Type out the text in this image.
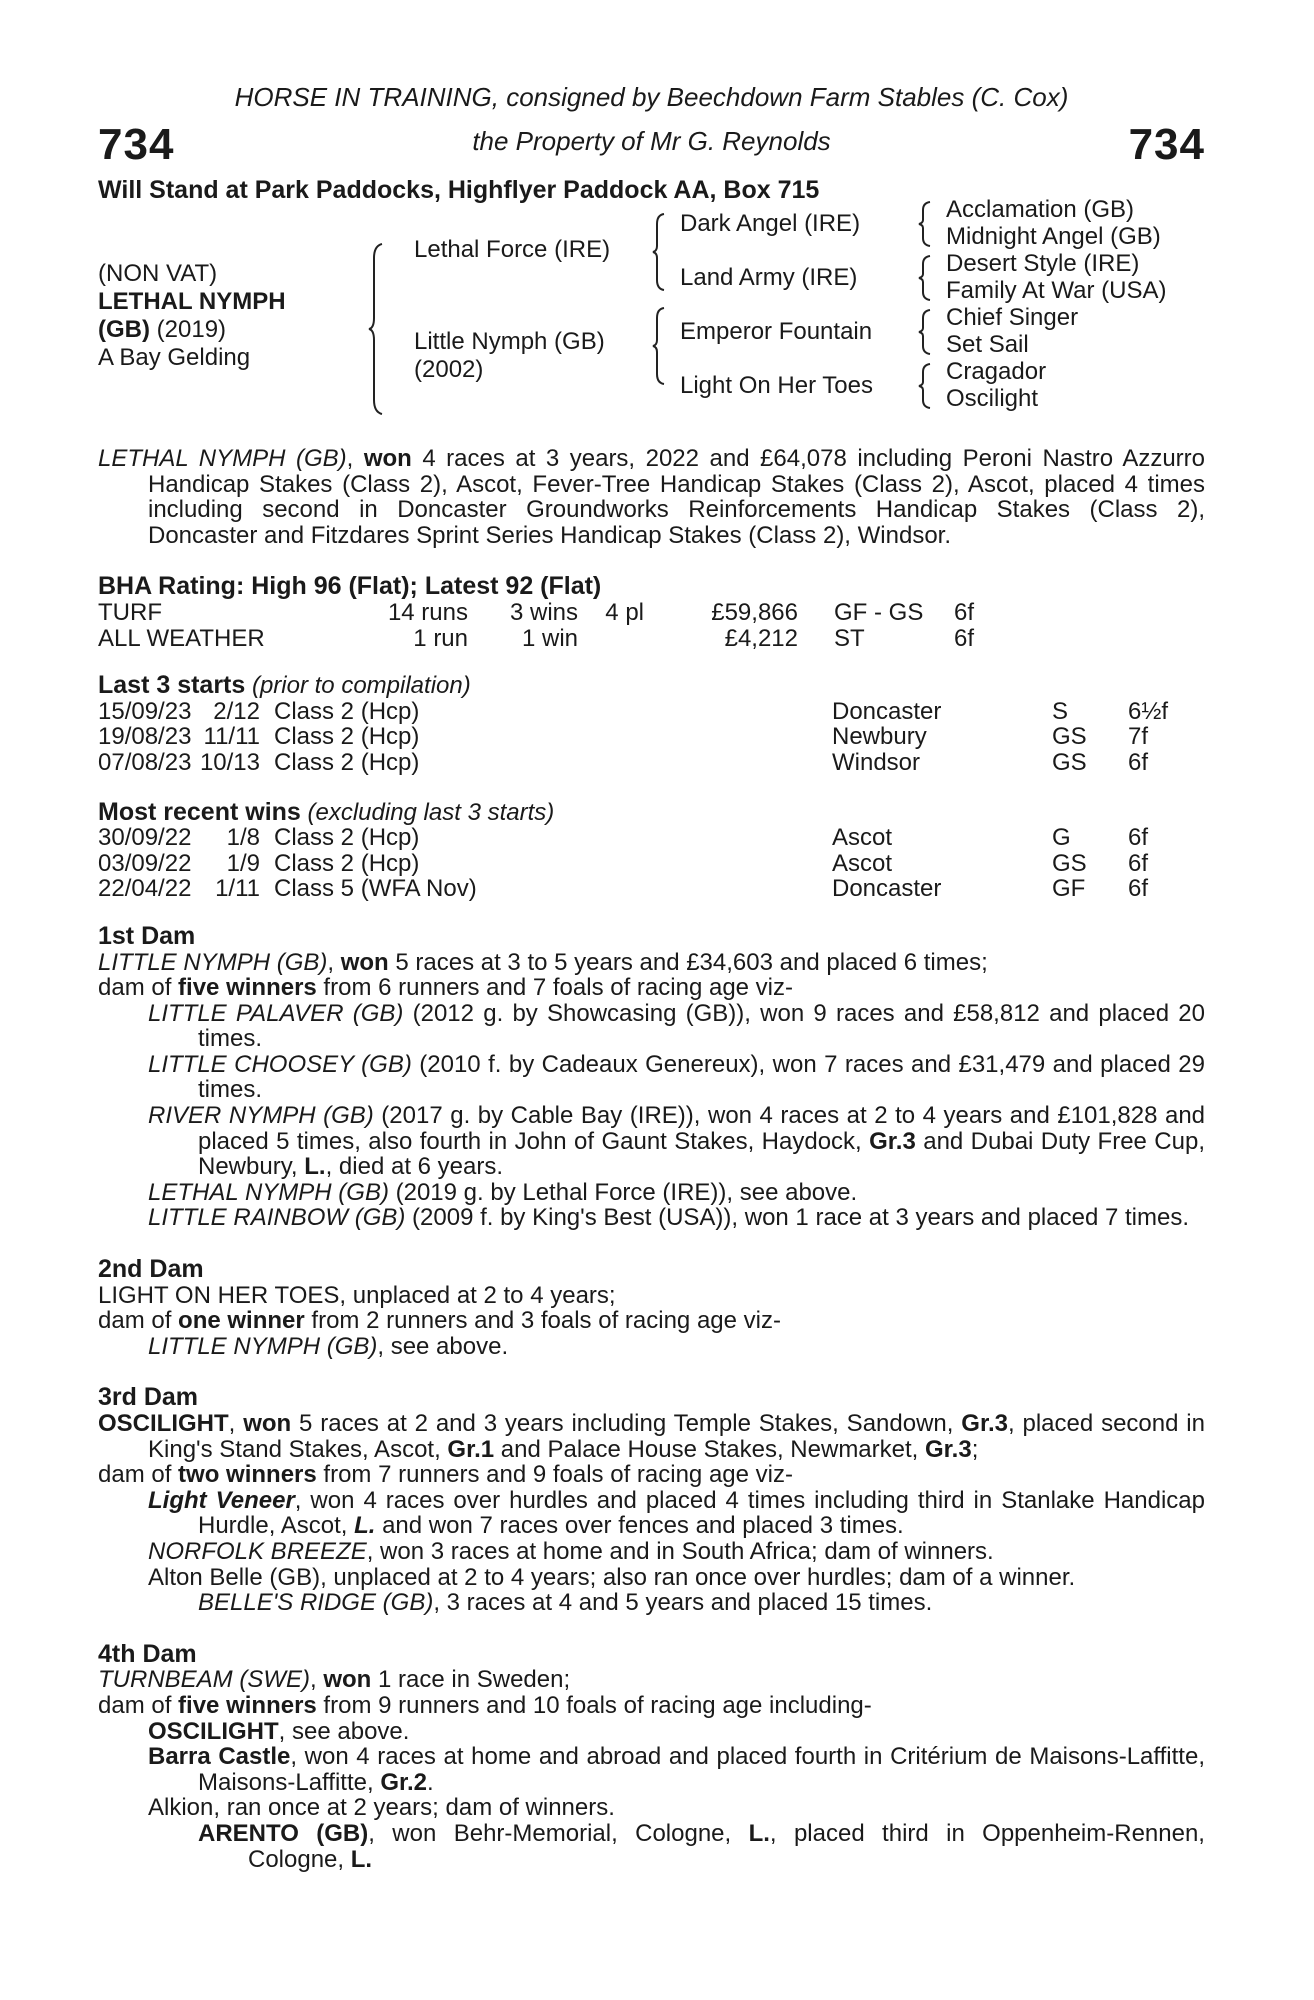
734	734
HORSE IN TRAINING, consigned by Beechdown Farm Stables (C. Cox)
the Property of Mr G. Reynolds
Will Stand at Park Paddocks, Highflyer Paddock AA, Box 715
(NON VAT)
LETHAL NYMPH
(GB) (2019)
A Bay Gelding
Lethal Force (IRE)
Little Nymph (GB)
(2002)
Dark Angel (IRE)
Land Army (IRE)
Emperor Fountain
Light On Her Toes
Acclamation (GB)
Midnight Angel (GB)
Desert Style (IRE)
Family At War (USA)
Chief Singer
Set Sail
Cragador
Oscilight

LETHAL NYMPH (GB), won 4 races at 3 years, 2022 and £64,078 including Peroni Nastro Azzurro Handicap Stakes (Class 2), Ascot, Fever-Tree Handicap Stakes (Class 2), Ascot, placed 4 times including second in Doncaster Groundworks Reinforcements Handicap Stakes (Class 2), Doncaster and Fitzdares Sprint Series Handicap Stakes (Class 2), Windsor.

BHA Rating: High 96 (Flat); Latest 92 (Flat)
TURF	14 runs	3 wins	4 pl	£59,866	GF - GS	6f
ALL WEATHER	1 run	1 win		£4,212	ST	6f
Last 3 starts (prior to compilation)
15/09/23	2/12	Class 2 (Hcp)	Doncaster	S	6½f
19/08/23	11/11	Class 2 (Hcp)	Newbury	GS	7f
07/08/23	10/13	Class 2 (Hcp)	Windsor	GS	6f
Most recent wins (excluding last 3 starts)
30/09/22	1/8	Class 2 (Hcp)	Ascot	G	6f
03/09/22	1/9	Class 2 (Hcp)	Ascot	GS	6f
22/04/22	1/11	Class 5 (WFA Nov)	Doncaster	GF	6f
1st Dam
LITTLE NYMPH (GB), won 5 races at 3 to 5 years and £34,603 and placed 6 times;
dam of five winners from 6 runners and 7 foals of racing age viz-

LITTLE PALAVER (GB) (2012 g. by Showcasing (GB)), won 9 races and £58,812 and placed 20 times.

LITTLE CHOOSEY (GB) (2010 f. by Cadeaux Genereux), won 7 races and £31,479 and placed 29 times.

RIVER NYMPH (GB) (2017 g. by Cable Bay (IRE)), won 4 races at 2 to 4 years and £101,828 and placed 5 times, also fourth in John of Gaunt Stakes, Haydock, Gr.3 and Dubai Duty Free Cup, Newbury, L., died at 6 years.

LETHAL NYMPH (GB) (2019 g. by Lethal Force (IRE)), see above.

LITTLE RAINBOW (GB) (2009 f. by King's Best (USA)), won 1 race at 3 years and placed 7 times.

2nd Dam
LIGHT ON HER TOES, unplaced at 2 to 4 years;
dam of one winner from 2 runners and 3 foals of racing age viz-

LITTLE NYMPH (GB), see above.

3rd Dam

OSCILIGHT, won 5 races at 2 and 3 years including Temple Stakes, Sandown, Gr.3, placed second in King's Stand Stakes, Ascot, Gr.1 and Palace House Stakes, Newmarket, Gr.3;

dam of two winners from 7 runners and 9 foals of racing age viz-

Light Veneer, won 4 races over hurdles and placed 4 times including third in Stanlake Handicap Hurdle, Ascot, L. and won 7 races over fences and placed 3 times.

NORFOLK BREEZE, won 3 races at home and in South Africa; dam of winners.

Alton Belle (GB), unplaced at 2 to 4 years; also ran once over hurdles; dam of a winner.

BELLE'S RIDGE (GB), 3 races at 4 and 5 years and placed 15 times.

4th Dam
TURNBEAM (SWE), won 1 race in Sweden;
dam of five winners from 9 runners and 10 foals of racing age including-

OSCILIGHT, see above.

Barra Castle, won 4 races at home and abroad and placed fourth in Critérium de Maisons-Laffitte, Maisons-Laffitte, Gr.2.

Alkion, ran once at 2 years; dam of winners.

ARENTO (GB), won Behr-Memorial, Cologne, L., placed third in Oppenheim-Rennen, Cologne, L.
